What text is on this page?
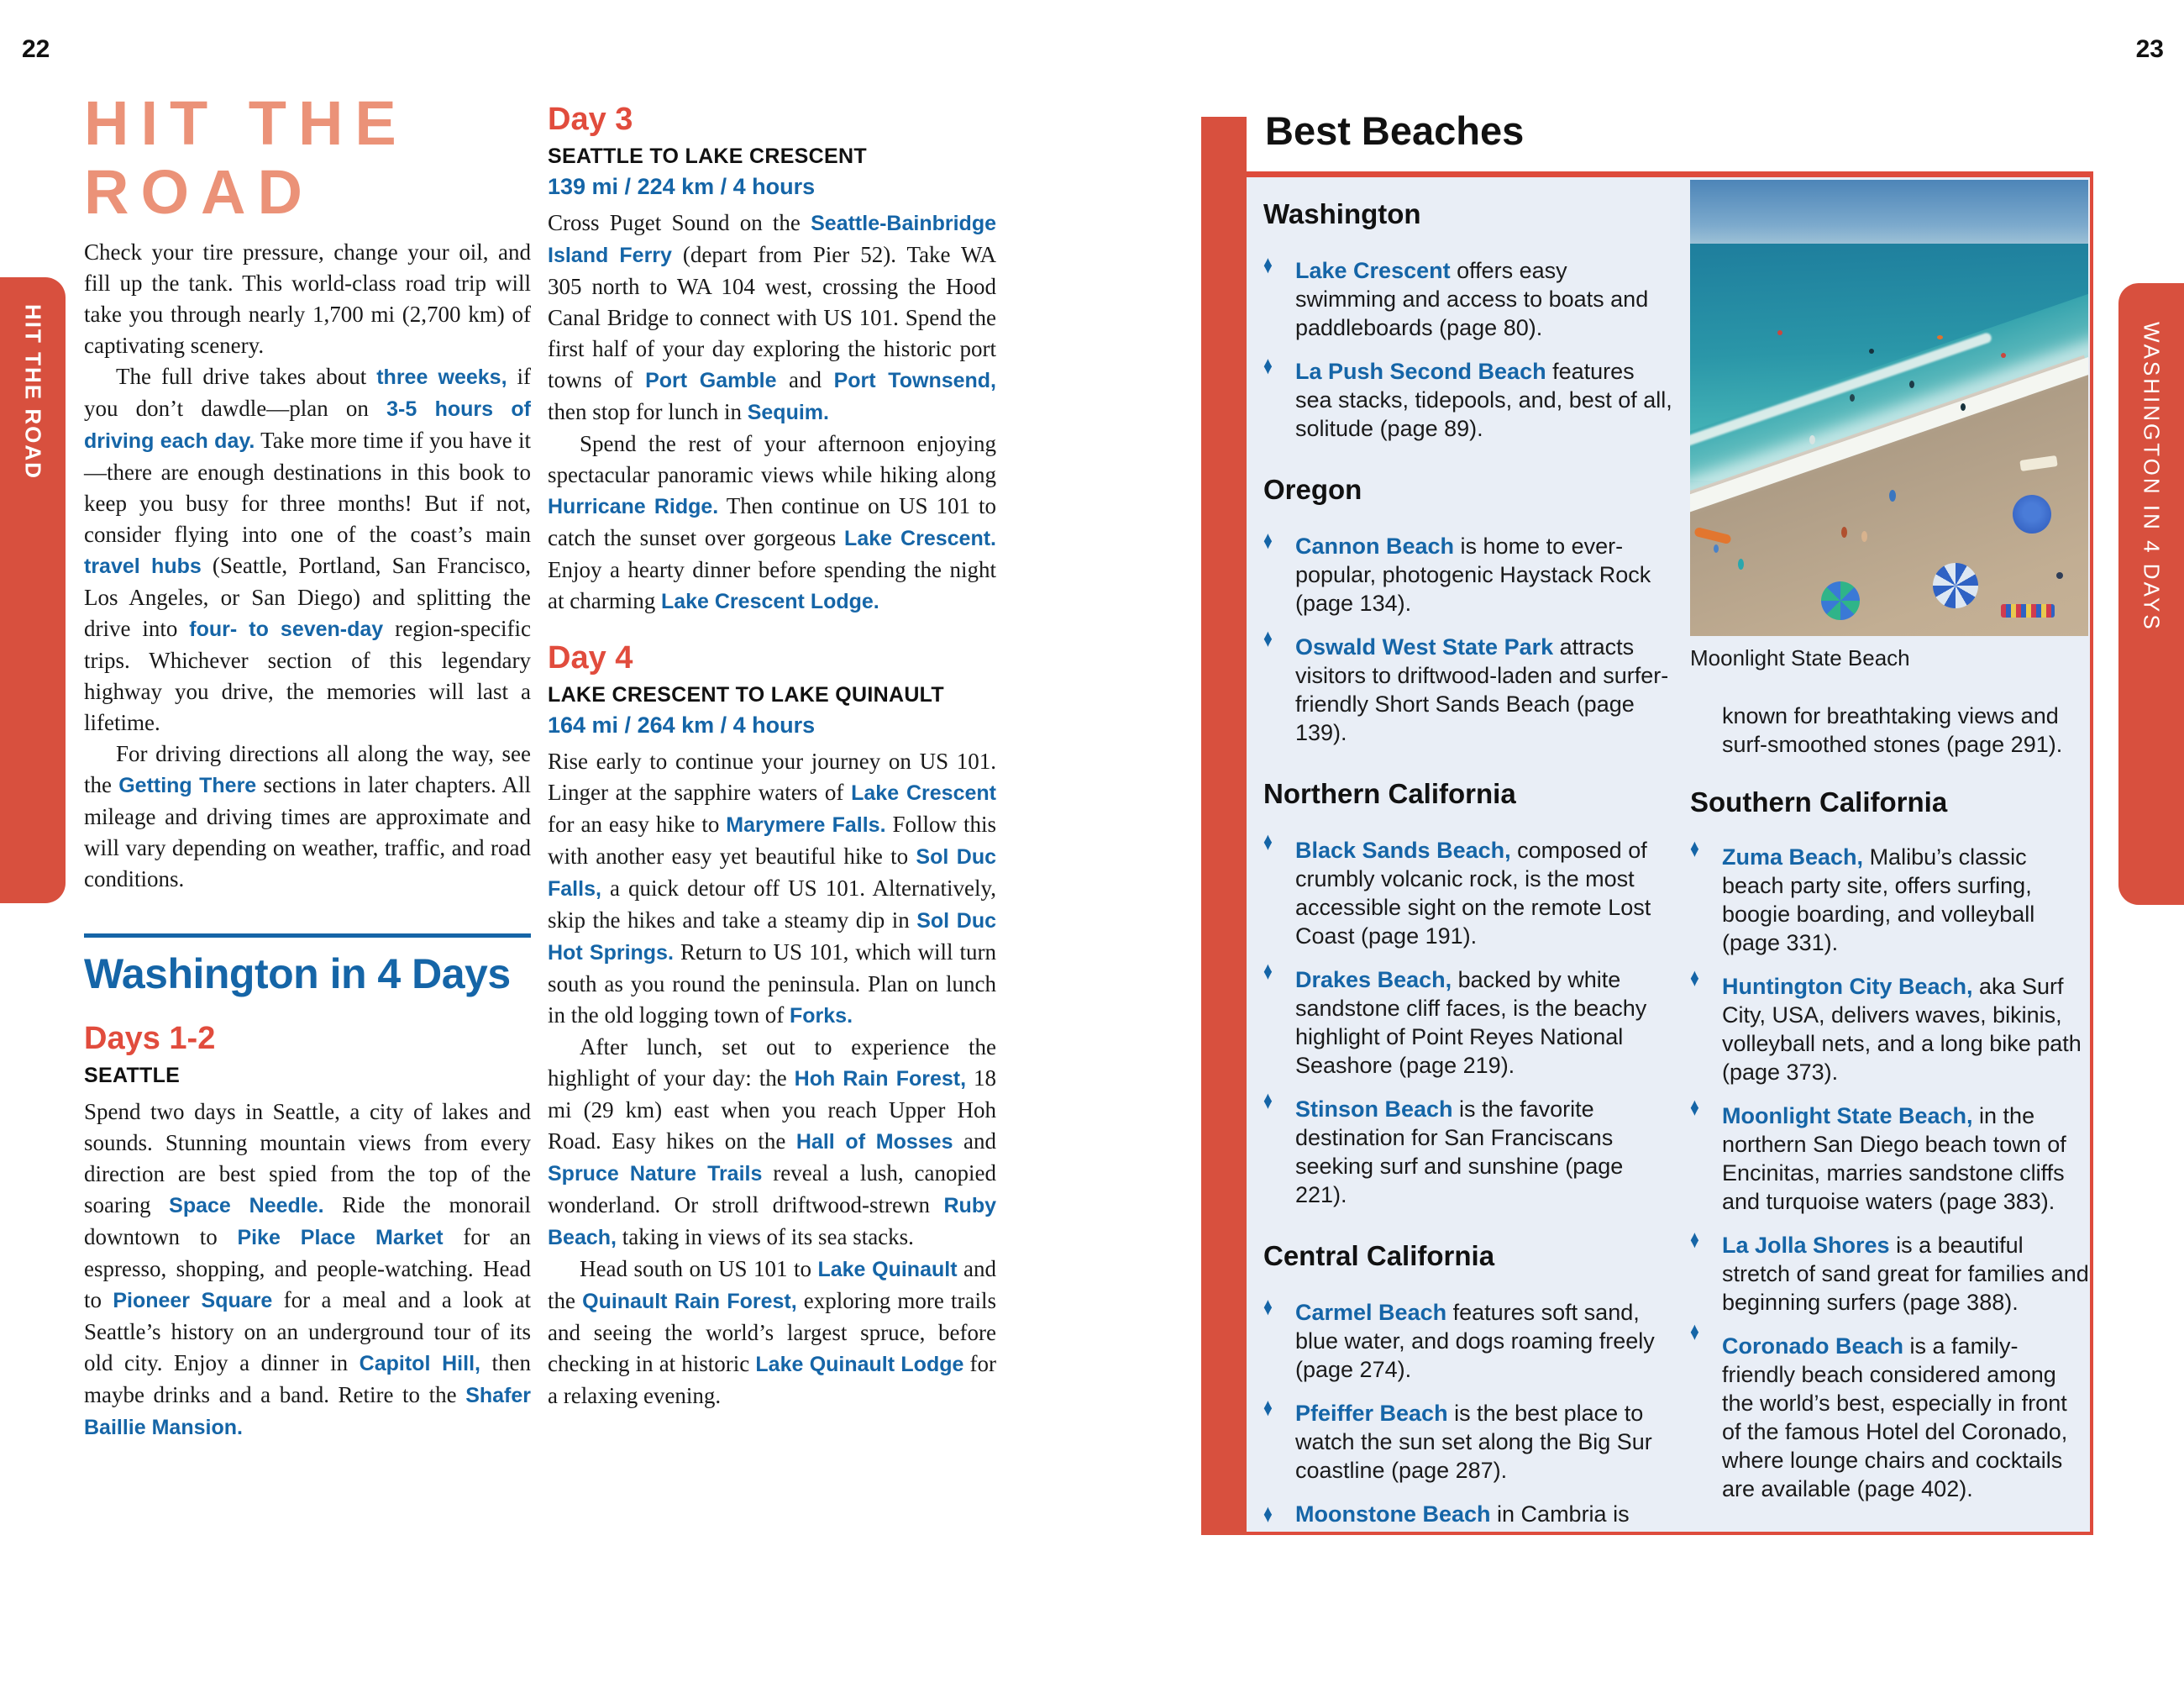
HIT THE ROAD	WASHINGTON IN 4 DAYS
22	23
HIT THE
ROAD

Check your tire pressure, change your oil, and fill up the tank. This world-class road trip will take you through nearly 1,700 mi (2,700 km) of captivating scenery.

The full drive takes about three weeks, if you don’t dawdle—plan on 3-5 hours of driving each day. Take more time if you have it—there are enough destinations in this book to keep you busy for three months! But if not, consider flying into one of the coast’s main travel hubs (Seattle, Portland, San Francisco, Los Angeles, or San Diego) and splitting the drive into four- to seven-day region-specific trips. Whichever section of this legendary highway you drive, the memories will last a lifetime.

For driving directions all along the way, see the Getting There sections in later chapters. All mileage and driving times are approximate and will vary depending on weather, traffic, and road conditions.

Washington in 4 Days
Days 1-2
SEATTLE

Spend two days in Seattle, a city of lakes and sounds. Stunning mountain views from every direction are best spied from the top of the soaring Space Needle. Ride the monorail downtown to Pike Place Market for an espresso, shopping, and people-watching. Head to Pioneer Square for a meal and a look at Seattle’s history on an underground tour of its old city. Enjoy a dinner in Capitol Hill, then maybe drinks and a band. Retire to the Shafer Baillie Mansion.

Day 3
SEATTLE TO LAKE CRESCENT
139 mi / 224 km / 4 hours

Cross Puget Sound on the Seattle-Bainbridge Island Ferry (depart from Pier 52). Take WA 305 north to WA 104 west, crossing the Hood Canal Bridge to connect with US 101. Spend the first half of your day exploring the historic port towns of Port Gamble and Port Townsend, then stop for lunch in Sequim.

Spend the rest of your afternoon enjoying spectacular panoramic views while hiking along Hurricane Ridge. Then continue on US 101 to catch the sunset over gorgeous Lake Crescent. Enjoy a hearty dinner before spending the night at charming Lake Crescent Lodge.

Day 4
LAKE CRESCENT TO LAKE QUINAULT
164 mi / 264 km / 4 hours

Rise early to continue your journey on US 101. Linger at the sapphire waters of Lake Crescent for an easy hike to Marymere Falls. Follow this with another easy yet beautiful hike to Sol Duc Falls, a quick detour off US 101. Alternatively, skip the hikes and take a steamy dip in Sol Duc Hot Springs. Return to US 101, which will turn south as you round the peninsula. Plan on lunch in the old logging town of Forks.

After lunch, set out to experience the highlight of your day: the Hoh Rain Forest, 18 mi (29 km) east when you reach Upper Hoh Road. Easy hikes on the Hall of Mosses and Spruce Nature Trails reveal a lush, canopied wonderland. Or stroll driftwood-strewn Ruby Beach, taking in views of its sea stacks.

Head south on US 101 to Lake Quinault and the Quinault Rain Forest, exploring more trails and seeing the world’s largest spruce, before checking in at historic Lake Quinault Lodge for a relaxing evening.

Best Beaches
Washington
♦	Lake Crescent offers easy swimming and access to boats and paddleboards (page 80).

♦	La Push Second Beach features sea stacks, tidepools, and, best of all, solitude (page 89).

Oregon
♦	Cannon Beach is home to ever-popular, photogenic Haystack Rock (page 134).

♦	Oswald West State Park attracts visitors to driftwood-laden and surfer-friendly Short Sands Beach (page 139).

Northern California
♦	Black Sands Beach, composed of crumbly volcanic rock, is the most accessible sight on the remote Lost Coast (page 191).

♦	Drakes Beach, backed by white sandstone cliff faces, is the beachy highlight of Point Reyes National Seashore (page 219).

♦	Stinson Beach is the favorite destination for San Franciscans seeking surf and sunshine (page 221).

Central California
♦	Carmel Beach features soft sand, blue water, and dogs roaming freely (page 274).

♦	Pfeiffer Beach is the best place to watch the sun set along the Big Sur coastline (page 287).

♦	Moonstone Beach in Cambria is

Moonlight State Beach

known for breathtaking views and surf-smoothed stones (page 291).

Southern California
♦	Zuma Beach, Malibu’s classic beach party site, offers surfing, boogie boarding, and volleyball (page 331).

♦	Huntington City Beach, aka Surf City, USA, delivers waves, bikinis, volleyball nets, and a long bike path (page 373).

♦	Moonlight State Beach, in the northern San Diego beach town of Encinitas, marries sandstone cliffs and turquoise waters (page 383).

♦	La Jolla Shores is a beautiful stretch of sand great for families and beginning surfers (page 388).

♦

Coronado Beach is a family-friendly beach considered among the world’s best, especially in front of the famous Hotel del Coronado, where lounge chairs and cocktails are available (page 402).
